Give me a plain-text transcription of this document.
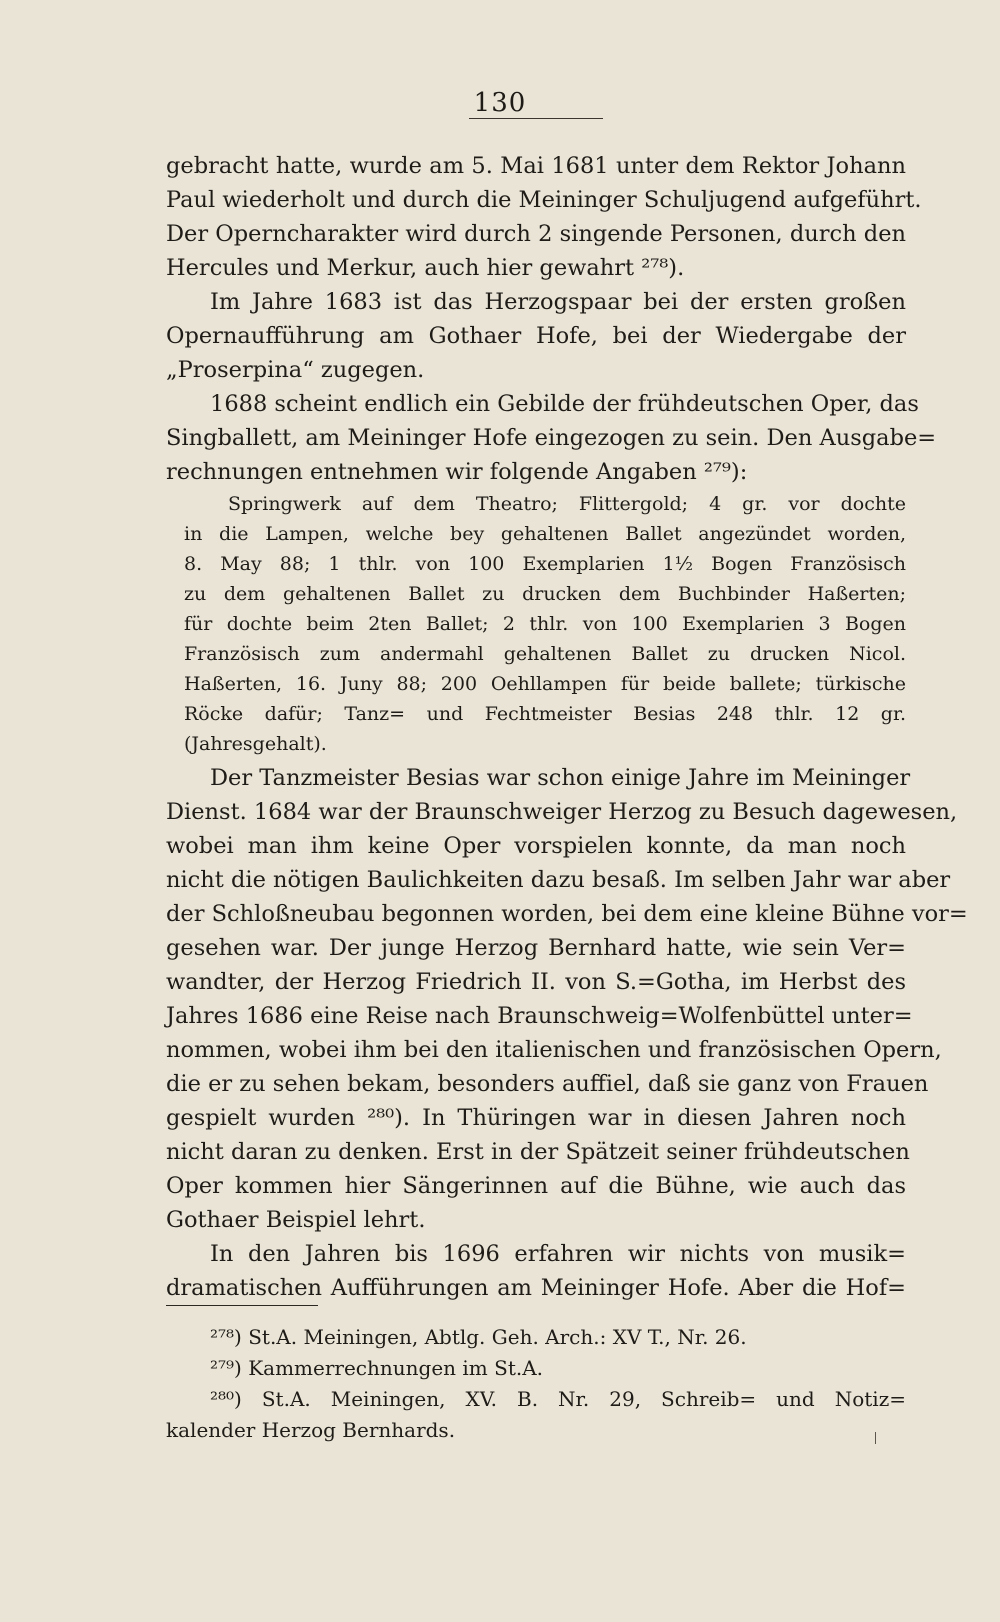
130
gebracht hatte, wurde am 5. Mai 1681 unter dem Rektor Johann
Paul wiederholt und durch die Meininger Schuljugend aufgeführt.
Der Operncharakter wird durch 2 singende Personen, durch den
Hercules und Merkur, auch hier gewahrt ²⁷⁸).
Im Jahre 1683 ist das Herzogspaar bei der ersten großen
Opernaufführung am Gothaer Hofe, bei der Wiedergabe der
„Proserpina“ zugegen.
1688 scheint endlich ein Gebilde der frühdeutschen Oper, das
Singballett, am Meininger Hofe eingezogen zu sein. Den Ausgabe=
rechnungen entnehmen wir folgende Angaben ²⁷⁹):
Springwerk auf dem Theatro; Flittergold; 4 gr. vor dochte
in die Lampen, welche bey gehaltenen Ballet angezündet worden,
8. May 88; 1 thlr. von 100 Exemplarien 1½ Bogen Französisch
zu dem gehaltenen Ballet zu drucken dem Buchbinder Haßerten;
für dochte beim 2ten Ballet; 2 thlr. von 100 Exemplarien 3 Bogen
Französisch zum andermahl gehaltenen Ballet zu drucken Nicol.
Haßerten, 16. Juny 88; 200 Oehllampen für beide ballete; türkische
Röcke dafür; Tanz= und Fechtmeister Besias 248 thlr. 12 gr.
(Jahresgehalt).
Der Tanzmeister Besias war schon einige Jahre im Meininger
Dienst. 1684 war der Braunschweiger Herzog zu Besuch dagewesen,
wobei man ihm keine Oper vorspielen konnte, da man noch
nicht die nötigen Baulichkeiten dazu besaß. Im selben Jahr war aber
der Schloßneubau begonnen worden, bei dem eine kleine Bühne vor=
gesehen war. Der junge Herzog Bernhard hatte, wie sein Ver=
wandter, der Herzog Friedrich II. von S.=Gotha, im Herbst des
Jahres 1686 eine Reise nach Braunschweig=Wolfenbüttel unter=
nommen, wobei ihm bei den italienischen und französischen Opern,
die er zu sehen bekam, besonders auffiel, daß sie ganz von Frauen
gespielt wurden ²⁸⁰). In Thüringen war in diesen Jahren noch
nicht daran zu denken. Erst in der Spätzeit seiner frühdeutschen
Oper kommen hier Sängerinnen auf die Bühne, wie auch das
Gothaer Beispiel lehrt.
In den Jahren bis 1696 erfahren wir nichts von musik=
dramatischen Aufführungen am Meininger Hofe. Aber die Hof=
²⁷⁸) St.A. Meiningen, Abtlg. Geh. Arch.: XV T., Nr. 26.
²⁷⁹) Kammerrechnungen im St.A.
²⁸⁰) St.A. Meiningen, XV. B. Nr. 29, Schreib= und Notiz=
kalender Herzog Bernhards.
